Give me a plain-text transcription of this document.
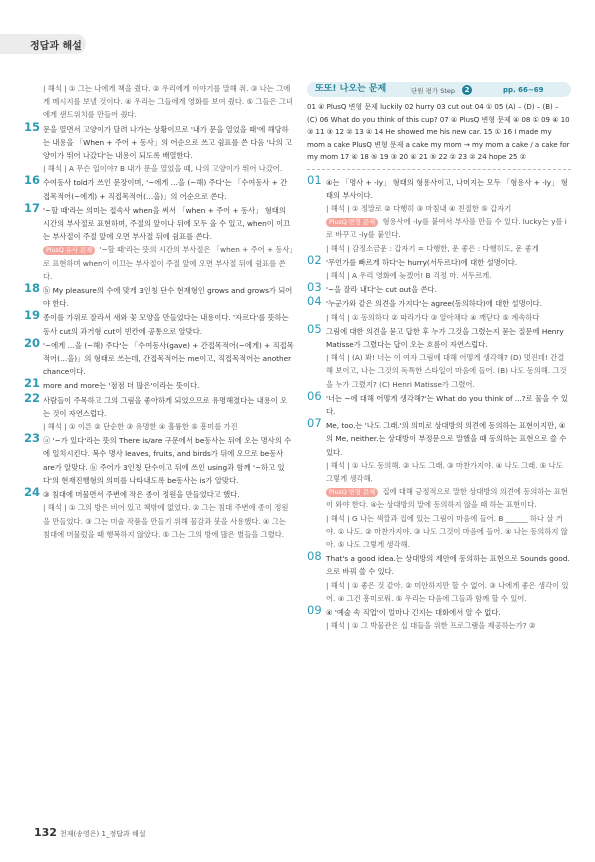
정답과 해설
| 해석 | ① 그는 나에게 책을 줬다. ② 우리에게 이야기를 말해 줘. ③ 나는 그에게 메시지를 보낼 것이다. ④ 우리는 그들에게 영화를 보여 줬다. ⑤ 그들은 그녀에게 샌드위치를 만들어 줬다.
15 문을 열면서 고양이가 달려 나가는 상황이므로 '내가 문을 열었을 때'에 해당하는 내용을 「When + 주어 + 동사」의 어순으로 쓰고 쉼표를 쓴 다음 '나의 고양이가 뛰어 나갔다'는 내용이 되도록 배열한다.
| 해석 | A 무슨 일이야? B 내가 문을 열었을 때, 나의 고양이가 뛰어 나갔어.
16 수여동사 told가 쓰인 문장이며, '~에게 …을 (~해) 주다'는 「수여동사 + 간접목적어(~에게) + 직접목적어(…을)」의 어순으로 쓴다.
17 '~할 때'라는 의미는 접속사 when을 써서 「when + 주어 + 동사」 형태의 시간의 부사절로 표현하며, 주절의 앞이나 뒤에 모두 올 수 있고, when이 이끄는 부사절이 주절 앞에 오면 부사절 뒤에 쉼표를 쓴다.
PlusQ 유사 문제 '~할 때'라는 뜻의 시간의 부사절은 「when + 주어 + 동사」로 표현하며 when이 이끄는 부사절이 주절 앞에 오면 부사절 뒤에 쉼표를 쓴다.
18 ⓑ My pleasure의 수에 맞게 3인칭 단수 현재형인 grows and grows가 되어야 한다.
19 종이를 가위로 잘라서 새와 꽃 모양을 만들었다는 내용이다. '자르다'를 뜻하는 동사 cut의 과거형 cut이 빈칸에 공통으로 알맞다.
20 '~에게 …을 (~해) 주다'는 「수여동사(gave) + 간접목적어(~에게) + 직접목적어(…을)」의 형태로 쓰는데, 간접목적어는 me이고, 직접목적어는 another chance이다.
21 more and more는 '점점 더 많은'이라는 뜻이다.
22 사람들이 주목하고 그의 그림을 좋아하게 되었으므로 유명해졌다는 내용이 오는 것이 자연스럽다.
| 해석 | ① 이른 ② 단순한 ③ 유명한 ④ 훌륭한 ⑤ 흥미를 가진
23 ⓐ '~가 있다'라는 뜻의 There is/are 구문에서 be동사는 뒤에 오는 명사의 수에 일치시킨다. 복수 명사 leaves, fruits, and birds가 뒤에 오므로 be동사 are가 알맞다. ⓑ 주어가 3인칭 단수이고 뒤에 쓰인 using과 함께 '~하고 있다'의 현재진행형의 의미를 나타내도록 be동사는 is가 알맞다.
24 ③ 침대에 머물면서 주변에 작은 종이 정원을 만들었다고 했다.
| 해석 | ① 그의 방은 비어 있고 책밖에 없었다. ② 그는 침대 주변에 종이 정원을 만들었다. ③ 그는 미술 작품을 만들기 위해 물감과 붓을 사용했다. ④ 그는 침대에 머물렀을 때 행복하지 않았다. ⑤ 그는 그의 방에 많은 별들을 그렸다.
또또! 나오는 문제	단원 평가 Step	2	pp. 66~69
01 ④ PlusQ 변형 문제 luckily 02 hurry 03 cut out 04 ① 05 (A) – (D) – (B) – (C) 06 What do you think of this cup? 07 ④ PlusQ 변형 문제 ④ 08 ① 09 ④ 10 ③ 11 ③ 12 ② 13 ④ 14 He showed me his new car. 15 ① 16 I made my mom a cake PlusQ 변형 문제 a cake my mom → my mom a cake / a cake for my mom 17 ④ 18 ⑤ 19 ③ 20 ④ 21 ⑤ 22 ② 23 ② 24 hope 25 ②
01 ④는 「명사 + -ly」 형태의 형용사이고, 나머지는 모두 「형용사 + -ly」 형태의 부사이다.
| 해석 | ① 정말로 ② 다행히 ③ 마침내 ④ 친절한 ⑤ 갑자기
PlusQ 변형 문제 형용사에 -ly를 붙여서 부사를 만들 수 있다. lucky는 y를 i로 바꾸고 -ly를 붙인다.
| 해석 | 감정소금운 : 갑자기 = 다행한, 운 좋은 : 다행히도, 운 좋게
02 '무언가를 빠르게 하다'는 hurry(서두르다)에 대한 설명이다.
| 해석 | A 우리 영화에 늦겠어! B 걱정 마. 서두르게.
03 '~을 잘라 내다'는 cut out을 쓴다.
04 '누군가와 같은 의견을 가지다'는 agree(동의하다)에 대한 설명이다.
| 해석 | ① 동의하다 ② 따라가다 ③ 알아채다 ④ 깨닫다 ⑤ 계속하다
05 그림에 대한 의견을 묻고 답한 후 누가 그것을 그렸는지 묻는 질문에 Henry Matisse가 그렸다는 답이 오는 흐름이 자연스럽다.
| 해석 | (A) 봐! 너는 이 여자 그림에 대해 어떻게 생각해? (D) 멋진데! 간결해 보이고, 나는 그것의 독특한 스타일이 마음에 들어. (B) 나도 동의해. 그것을 누가 그렸지? (C) Henri Matisse가 그렸어.
06 '너는 ~에 대해 어떻게 생각해?'는 What do you think of ...?로 물을 수 있다.
07 Me, too.는 '나도 그래.'의 의미로 상대방의 의견에 동의하는 표현이지만, ④의 Me, neither.는 상대방이 부정문으로 말했을 때 동의하는 표현으로 쓸 수 있다.
| 해석 | ① 나도 동의해. ② 나도 그래. ③ 마찬가지야. ④ 나도 그래. ⑤ 나도 그렇게 생각해.
PlusQ 변형 문제 집에 대해 긍정적으로 말한 상대방의 의견에 동의하는 표현이 와야 한다. ④는 상대방의 말에 동의하지 않을 때 하는 표현이다.
| 해석 | G 나는 색깔과 집에 있는 그림이 마음에 들어. B ______ 하나 살 거야. ① 나도. ② 마찬가지야. ③ 나도 그것이 마음에 들어. ④ 나는 동의하지 않아. ⑤ 나도 그렇게 생각해.
08 That's a good idea.는 상대방의 제안에 동의하는 표현으로 Sounds good.으로 바꿔 쓸 수 있다.
| 해석 | ① 좋은 것 같아. ② 미안하지만 할 수 없어. ③ 나에게 좋은 생각이 있어. ④ 그건 흥미로워. ⑤ 우리는 다음에 그들과 함께 할 수 있어.
09 ④ '예술 속 직업'이 얼마나 긴지는 대화에서 알 수 없다.
| 해석 | ① 그 박물관은 십 대들을 위한 프로그램을 제공하는가? ②
132 천재(송영은) 1_정답과 해설
